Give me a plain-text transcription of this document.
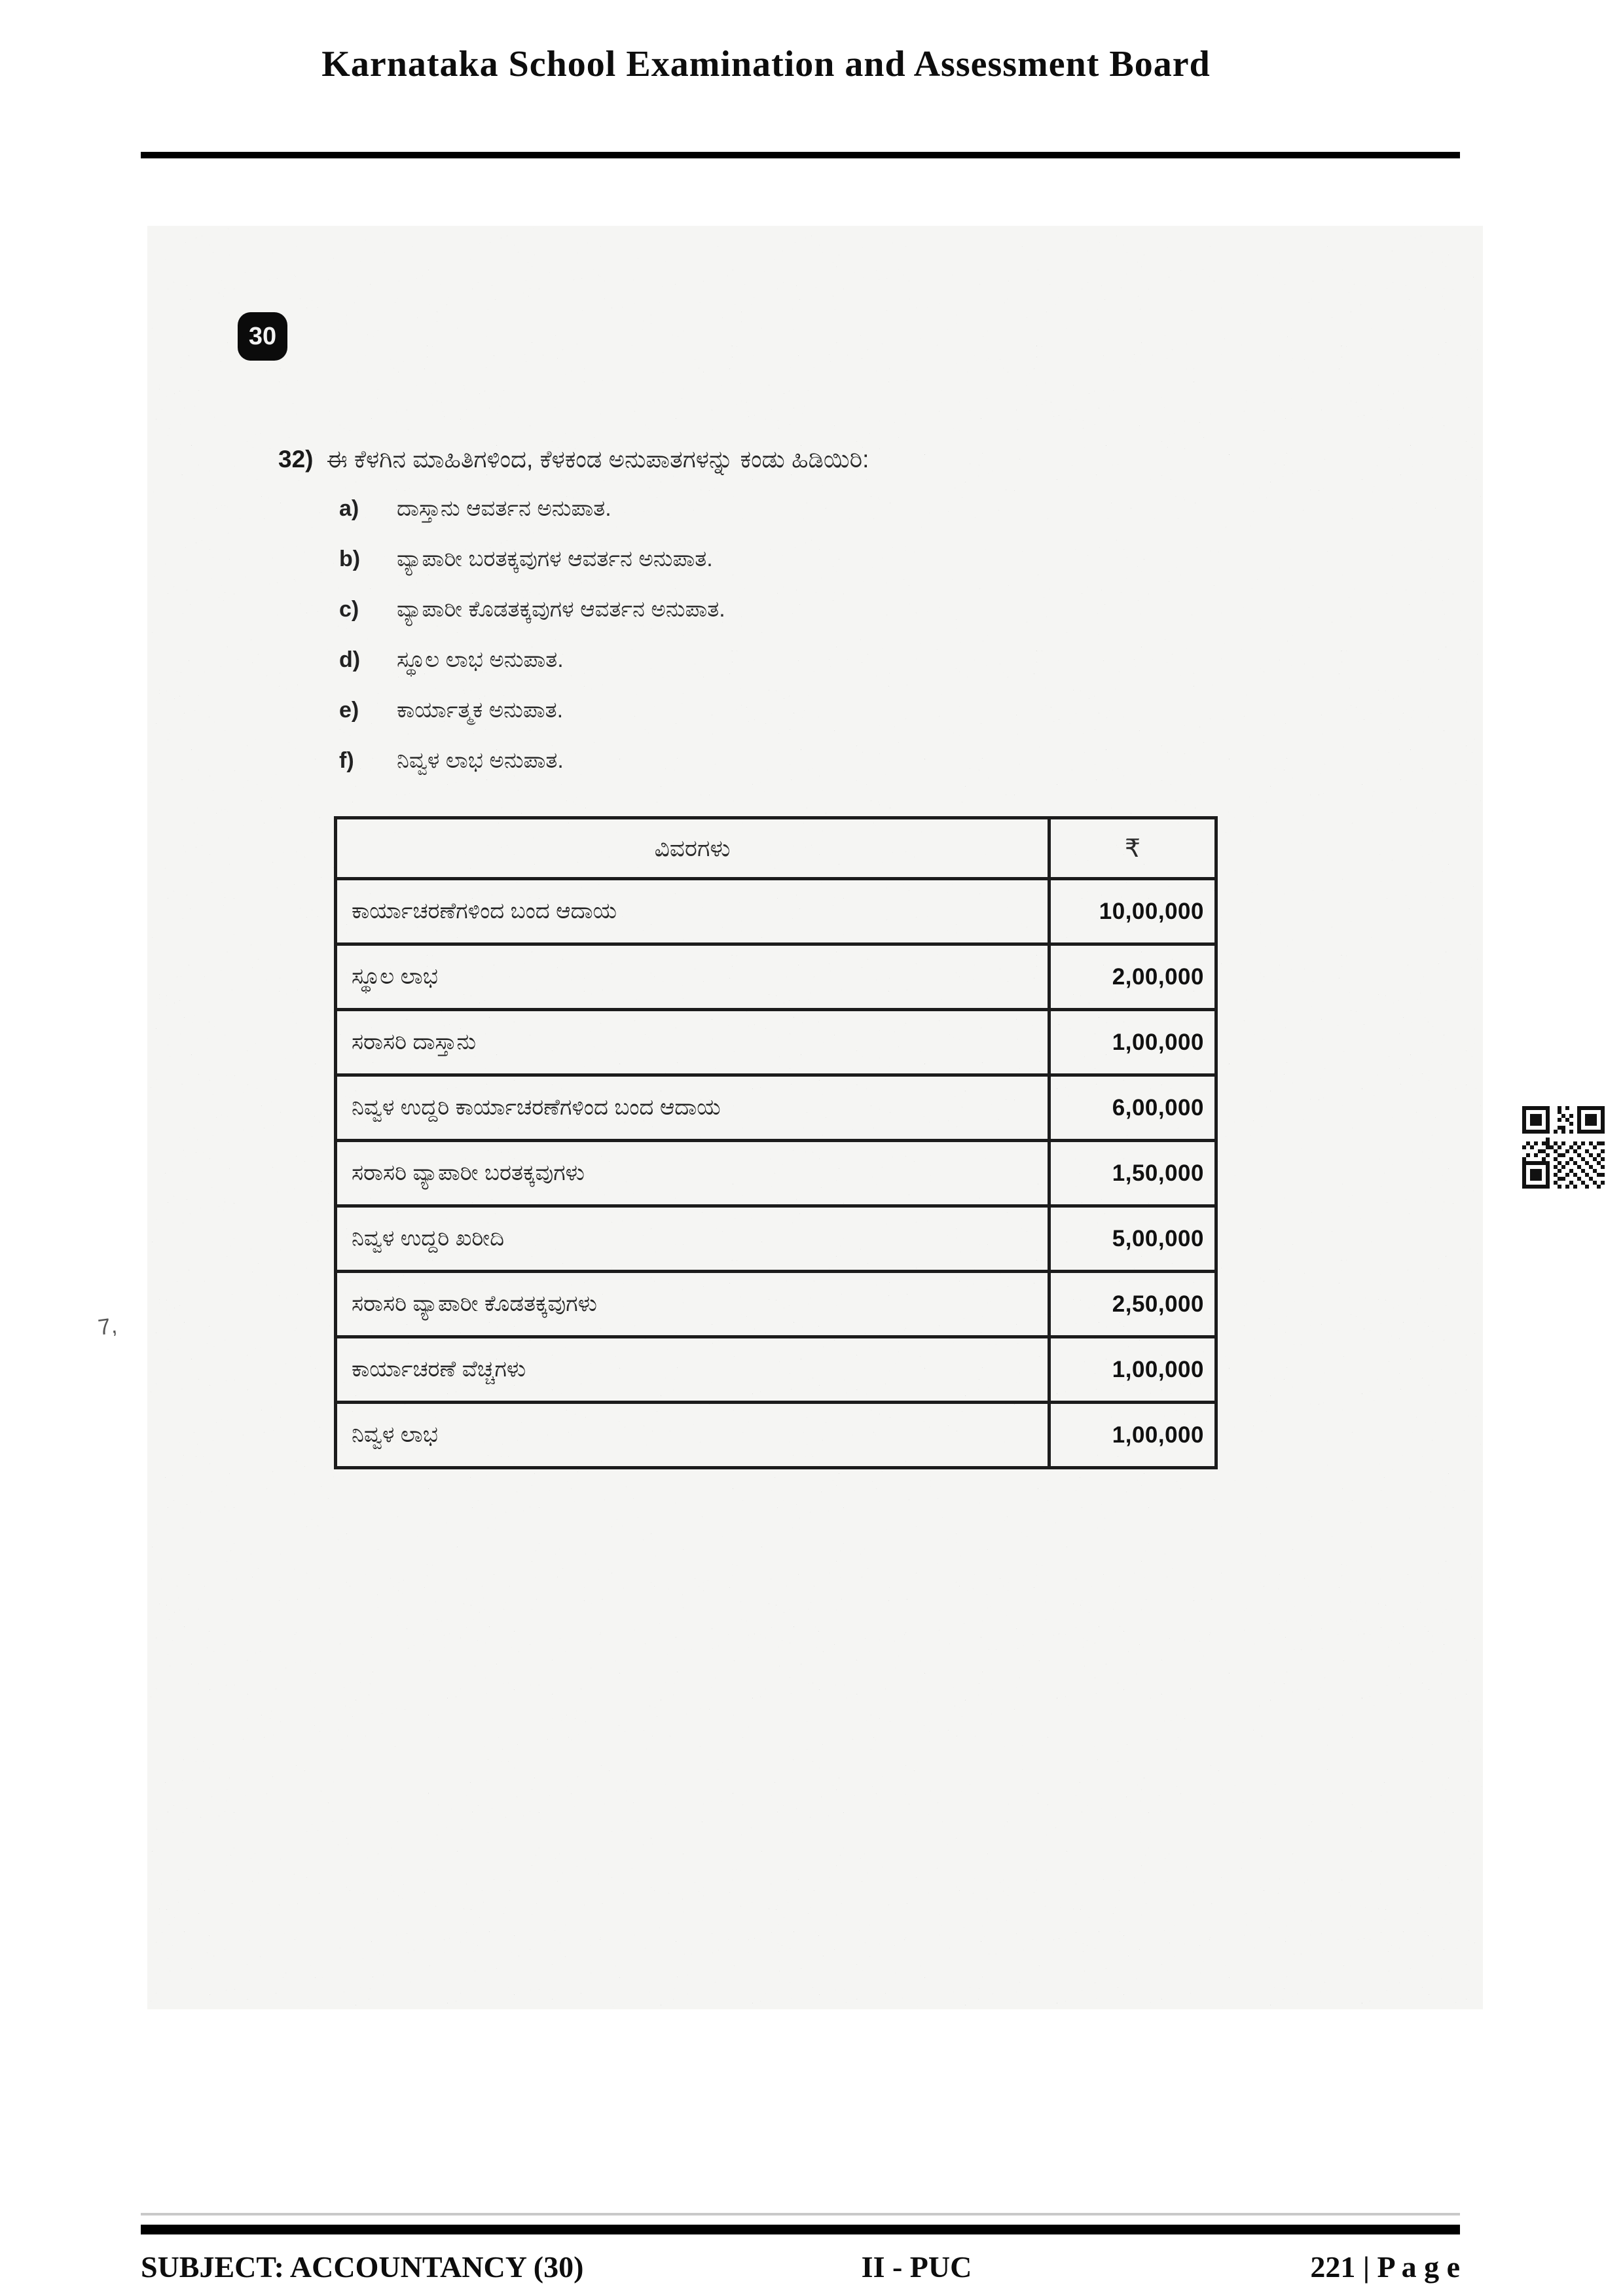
Karnataka School Examination and Assessment Board
30
32) ಈ ಕೆಳಗಿನ ಮಾಹಿತಿಗಳಿಂದ, ಕೆಳಕಂಡ ಅನುಪಾತಗಳನ್ನು ಕಂಡು ಹಿಡಿಯಿರಿ:
a)	ದಾಸ್ತಾನು ಆವರ್ತನ ಅನುಪಾತ.
b)	ವ್ಯಾಪಾರೀ ಬರತಕ್ಕವುಗಳ ಆವರ್ತನ ಅನುಪಾತ.
c)	ವ್ಯಾಪಾರೀ ಕೊಡತಕ್ಕವುಗಳ ಆವರ್ತನ ಅನುಪಾತ.
d)	ಸ್ಥೂಲ ಲಾಭ ಅನುಪಾತ.
e)	ಕಾರ್ಯಾತ್ಮಕ ಅನುಪಾತ.
f)	ನಿವ್ವಳ ಲಾಭ ಅನುಪಾತ.
ವಿವರಗಳು	₹
ಕಾರ್ಯಾಚರಣೆಗಳಿಂದ ಬಂದ ಆದಾಯ	10,00,000
ಸ್ಥೂಲ ಲಾಭ	2,00,000
ಸರಾಸರಿ ದಾಸ್ತಾನು	1,00,000
ನಿವ್ವಳ ಉದ್ದರಿ ಕಾರ್ಯಾಚರಣೆಗಳಿಂದ ಬಂದ ಆದಾಯ	6,00,000
ಸರಾಸರಿ ವ್ಯಾಪಾರೀ ಬರತಕ್ಕವುಗಳು	1,50,000
ನಿವ್ವಳ ಉದ್ದರಿ ಖರೀದಿ	5,00,000
ಸರಾಸರಿ ವ್ಯಾಪಾರೀ ಕೊಡತಕ್ಕವುಗಳು	2,50,000
ಕಾರ್ಯಾಚರಣೆ ವೆಚ್ಚಗಳು	1,00,000
ನಿವ್ವಳ ಲಾಭ	1,00,000
7,
SUBJECT: ACCOUNTANCY (30)	II - PUC	221 | P a g e
